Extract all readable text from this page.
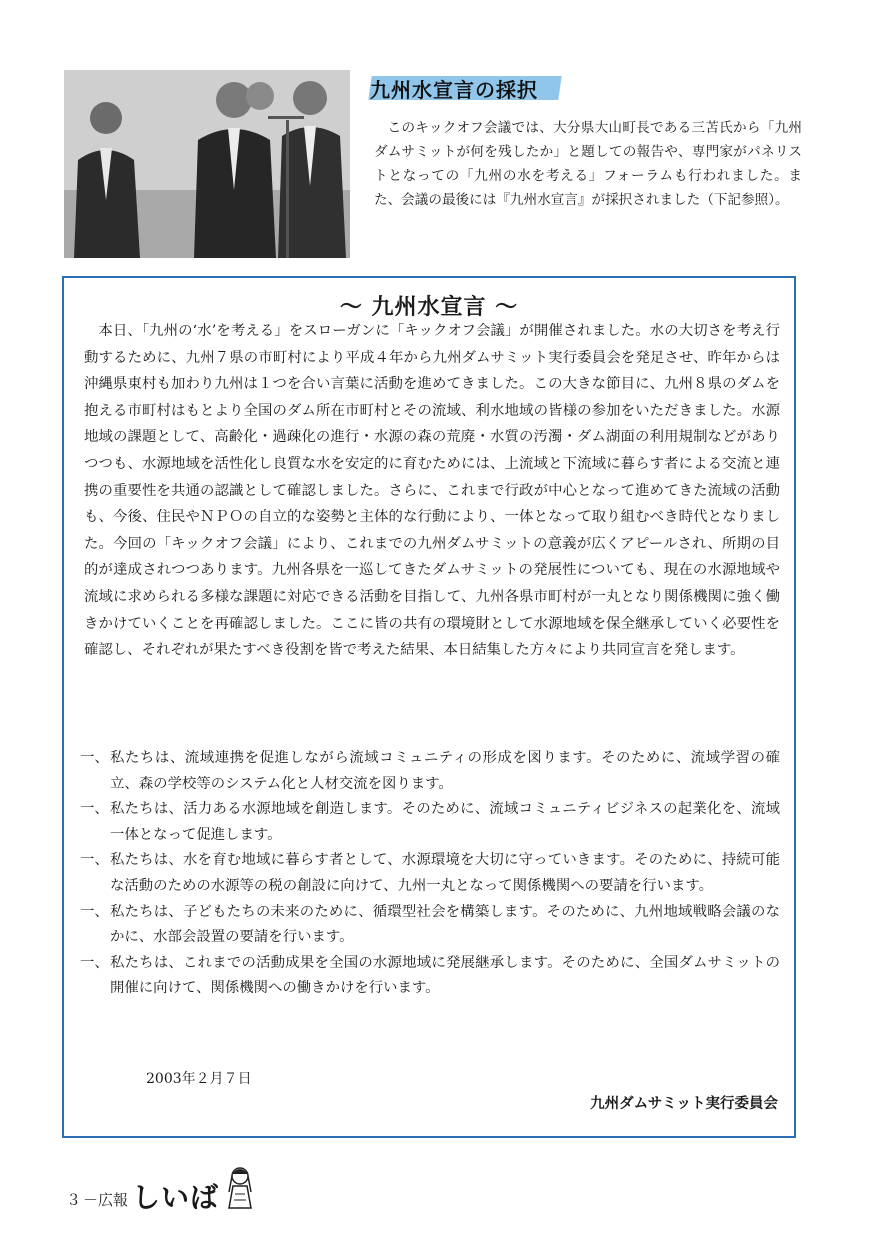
九州水宣言の採択

このキックオフ会議では、大分県大山町長である三苫氏から「九州ダムサミットが何を残したか」と題しての報告や、専門家がパネリストとなっての「九州の水を考える」フォーラムも行われました。また、会議の最後には『九州水宣言』が採択されました（下記参照）。

～ 九州水宣言 ～

本日、「九州の‘水’を考える」をスローガンに「キックオフ会議」が開催されました。水の大切さを考え行動するために、九州７県の市町村により平成４年から九州ダムサミット実行委員会を発足させ、昨年からは沖縄県東村も加わり九州は１つを合い言葉に活動を進めてきました。この大きな節目に、九州８県のダムを抱える市町村はもとより全国のダム所在市町村とその流域、利水地域の皆様の参加をいただきました。水源地域の課題として、高齢化・過疎化の進行・水源の森の荒廃・水質の汚濁・ダム湖面の利用規制などがありつつも、水源地域を活性化し良質な水を安定的に育むためには、上流域と下流域に暮らす者による交流と連携の重要性を共通の認識として確認しました。さらに、これまで行政が中心となって進めてきた流域の活動も、今後、住民やＮＰＯの自立的な姿勢と主体的な行動により、一体となって取り組むべき時代となりました。今回の「キックオフ会議」により、これまでの九州ダムサミットの意義が広くアピールされ、所期の目的が達成されつつあります。九州各県を一巡してきたダムサミットの発展性についても、現在の水源地域や流域に求められる多様な課題に対応できる活動を目指して、九州各県市町村が一丸となり関係機関に強く働きかけていくことを再確認しました。ここに皆の共有の環境財として水源地域を保全継承していく必要性を確認し、それぞれが果たすべき役割を皆で考えた結果、本日結集した方々により共同宣言を発します。

一、 私たちは、流域連携を促進しながら流域コミュニティの形成を図ります。そのために、流域学習の確立、森の学校等のシステム化と人材交流を図ります。
一、 私たちは、活力ある水源地域を創造します。そのために、流域コミュニティビジネスの起業化を、流域一体となって促進します。
一、 私たちは、水を育む地域に暮らす者として、水源環境を大切に守っていきます。そのために、持続可能な活動のための水源等の税の創設に向けて、九州一丸となって関係機関への要請を行います。
一、 私たちは、子どもたちの未来のために、循環型社会を構築します。そのために、九州地域戦略会議のなかに、水部会設置の要請を行います。
一、 私たちは、これまでの活動成果を全国の水源地域に発展継承します。そのために、全国ダムサミットの開催に向けて、関係機関への働きかけを行います。
2003年２月７日
九州ダムサミット実行委員会
３ －広報 しいば
